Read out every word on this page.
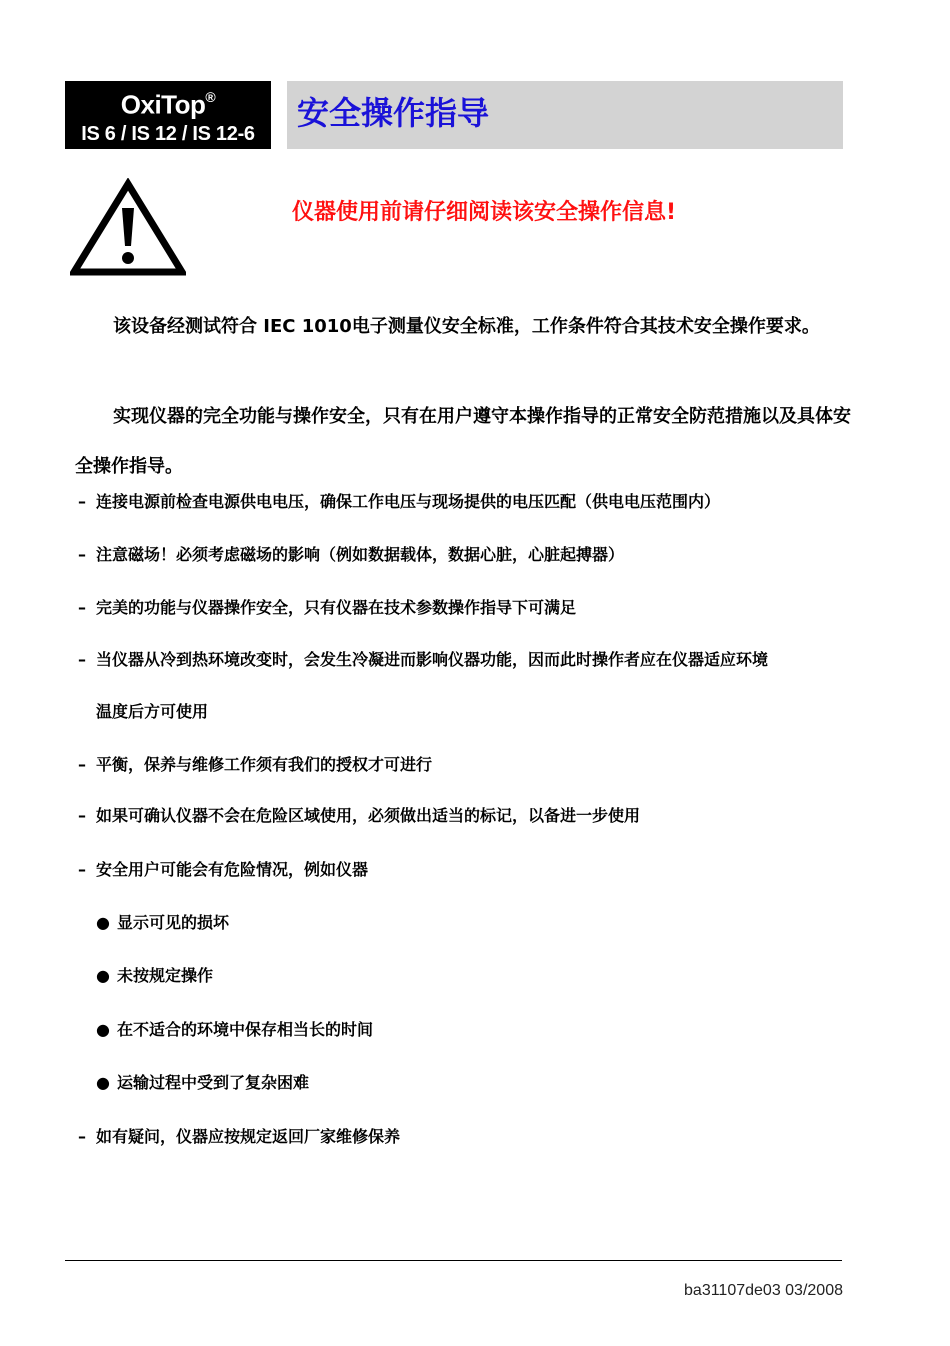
OxiTop®
IS 6 / IS 12 / IS 12-6
安全操作指导
仪器使用前请仔细阅读该安全操作信息!
该设备经测试符合 IEC 1010电子测量仪安全标准，工作条件符合其技术安全操作要求。
实现仪器的完全功能与操作安全，只有在用户遵守本操作指导的正常安全防范措施以及具体安全操作指导。
– 连接电源前检查电源供电电压，确保工作电压与现场提供的电压匹配（供电电压范围内）
– 注意磁场！必须考虑磁场的影响（例如数据载体，数据心脏，心脏起搏器）
– 完美的功能与仪器操作安全，只有仪器在技术参数操作指导下可满足
– 当仪器从冷到热环境改变时，会发生冷凝进而影响仪器功能，因而此时操作者应在仪器适应环境
温度后方可使用
– 平衡，保养与维修工作须有我们的授权才可进行
– 如果可确认仪器不会在危险区域使用，必须做出适当的标记，以备进一步使用
– 安全用户可能会有危险情况，例如仪器
● 显示可见的损坏
● 未按规定操作
● 在不适合的环境中保存相当长的时间
● 运输过程中受到了复杂困难
– 如有疑问，仪器应按规定返回厂家维修保养
ba31107de03 03/2008
